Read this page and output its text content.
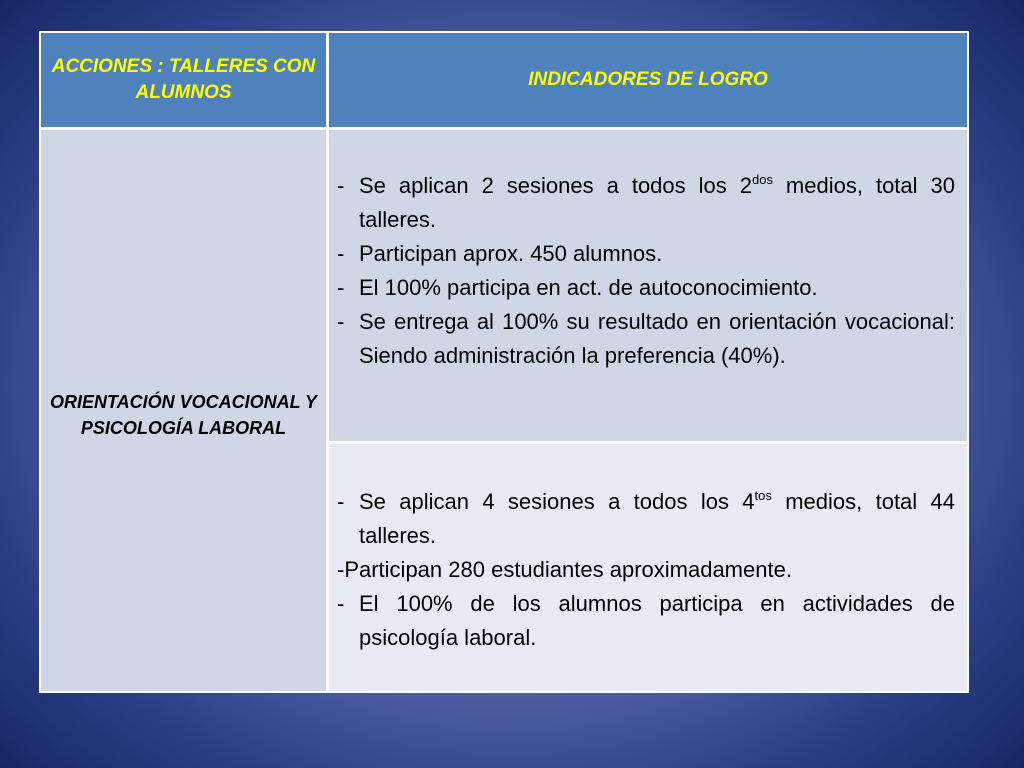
ACCIONES : TALLERES CON ALUMNOS
INDICADORES DE LOGRO
ORIENTACIÓN VOCACIONAL Y PSICOLOGÍA LABORAL
- Se aplican 2 sesiones a todos los $2^{dos}$ medios, total 30 talleres.
- Participan aprox. 450 alumnos.
- El 100% participa en act. de autoconocimiento.
- Se entrega al 100% su resultado en orientación vocacional: Siendo administración la preferencia (40%).
- Se aplican 4 sesiones a todos los $4^{tos}$ medios, total 44 talleres.
-Participan 280 estudiantes aproximadamente.
- El 100% de los alumnos participa en actividades de psicología laboral.
